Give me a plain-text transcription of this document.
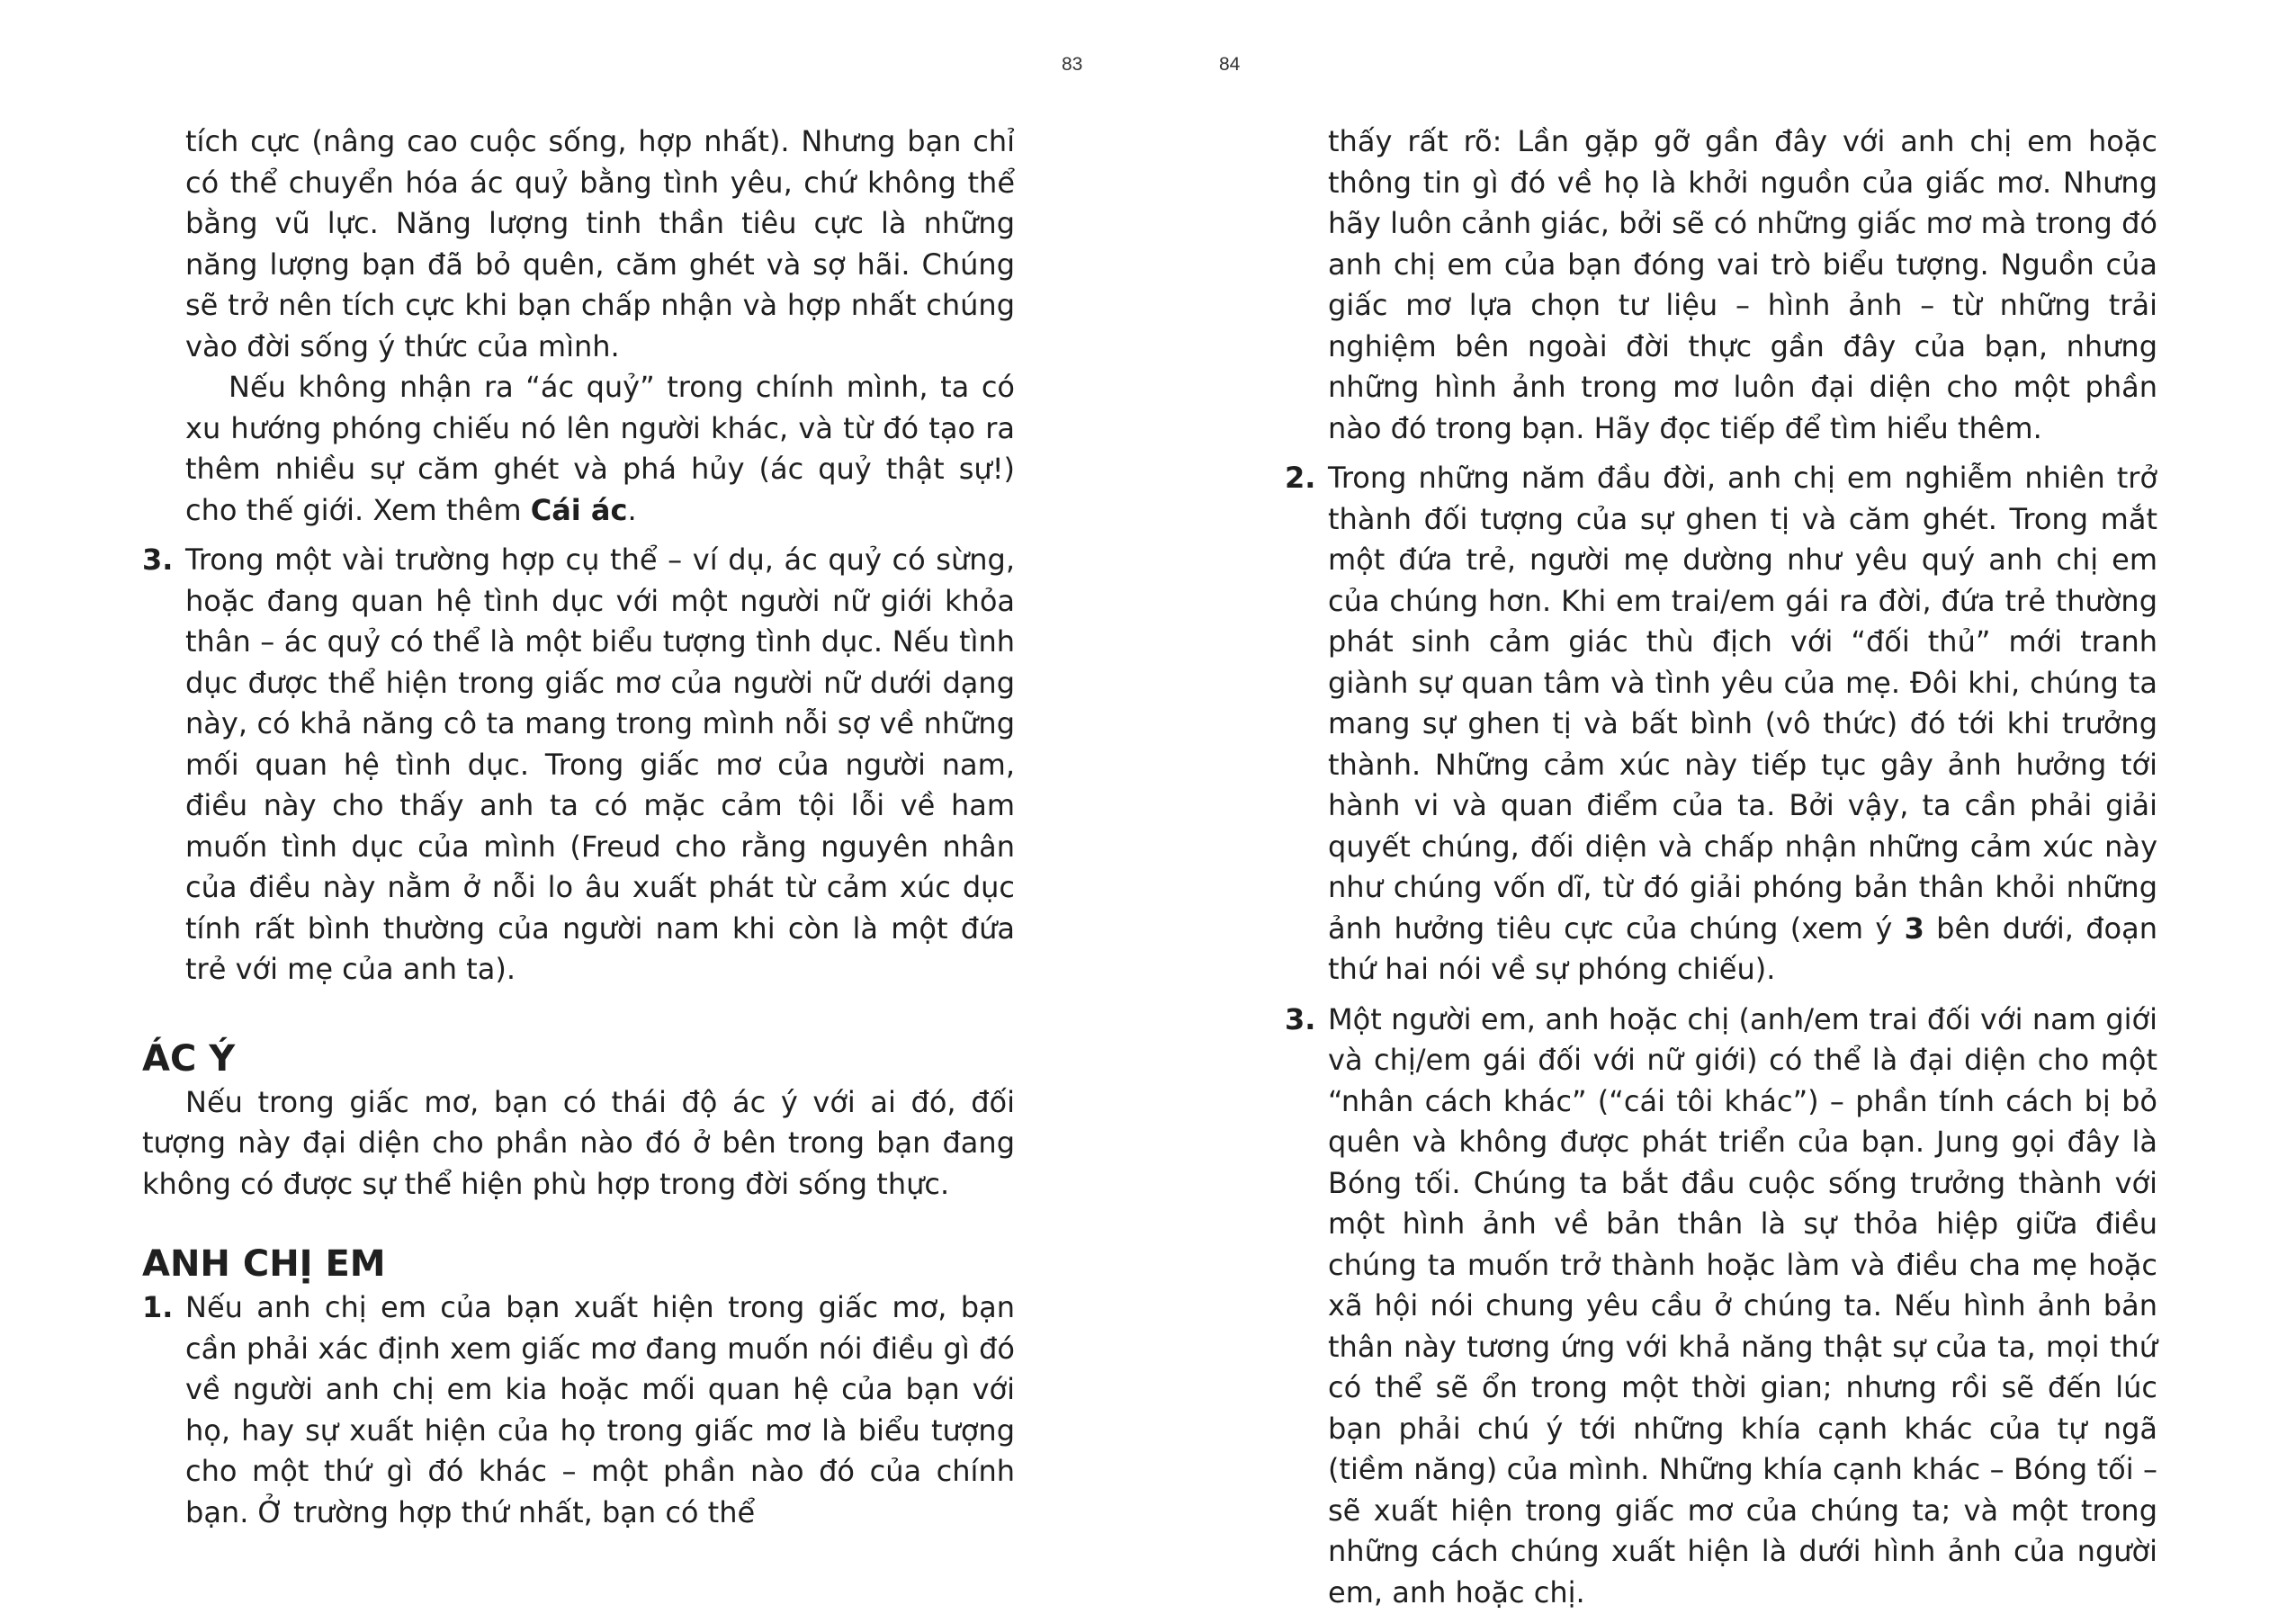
83	84

tích cực (nâng cao cuộc sống, hợp nhất). Nhưng bạn chỉ có thể chuyển hóa ác quỷ bằng tình yêu, chứ không thể bằng vũ lực. Năng lượng tinh thần tiêu cực là những năng lượng bạn đã bỏ quên, căm ghét và sợ hãi. Chúng sẽ trở nên tích cực khi bạn chấp nhận và hợp nhất chúng vào đời sống ý thức của mình.

Nếu không nhận ra “ác quỷ” trong chính mình, ta có xu hướng phóng chiếu nó lên người khác, và từ đó tạo ra thêm nhiều sự căm ghét và phá hủy (ác quỷ thật sự!) cho thế giới. Xem thêm Cái ác.

3. Trong một vài trường hợp cụ thể – ví dụ, ác quỷ có sừng, hoặc đang quan hệ tình dục với một người nữ giới khỏa thân – ác quỷ có thể là một biểu tượng tình dục. Nếu tình dục được thể hiện trong giấc mơ của người nữ dưới dạng này, có khả năng cô ta mang trong mình nỗi sợ về những mối quan hệ tình dục. Trong giấc mơ của người nam, điều này cho thấy anh ta có mặc cảm tội lỗi về ham muốn tình dục của mình (Freud cho rằng nguyên nhân của điều này nằm ở nỗi lo âu xuất phát từ cảm xúc dục tính rất bình thường của người nam khi còn là một đứa trẻ với mẹ của anh ta).

ÁC Ý

Nếu trong giấc mơ, bạn có thái độ ác ý với ai đó, đối tượng này đại diện cho phần nào đó ở bên trong bạn đang không có được sự thể hiện phù hợp trong đời sống thực.

ANH CHỊ EM
1. Nếu anh chị em của bạn xuất hiện trong giấc mơ, bạn cần phải xác định xem giấc mơ đang muốn nói điều gì đó về người anh chị em kia hoặc mối quan hệ của bạn với họ, hay sự xuất hiện của họ trong giấc mơ là biểu tượng cho một thứ gì đó khác – một phần nào đó của chính bạn. Ở trường hợp thứ nhất, bạn có thể

thấy rất rõ: Lần gặp gỡ gần đây với anh chị em hoặc thông tin gì đó về họ là khởi nguồn của giấc mơ. Nhưng hãy luôn cảnh giác, bởi sẽ có những giấc mơ mà trong đó anh chị em của bạn đóng vai trò biểu tượng. Nguồn của giấc mơ lựa chọn tư liệu – hình ảnh – từ những trải nghiệm bên ngoài đời thực gần đây của bạn, nhưng những hình ảnh trong mơ luôn đại diện cho một phần nào đó trong bạn. Hãy đọc tiếp để tìm hiểu thêm.

2. Trong những năm đầu đời, anh chị em nghiễm nhiên trở thành đối tượng của sự ghen tị và căm ghét. Trong mắt một đứa trẻ, người mẹ dường như yêu quý anh chị em của chúng hơn. Khi em trai/em gái ra đời, đứa trẻ thường phát sinh cảm giác thù địch với “đối thủ” mới tranh giành sự quan tâm và tình yêu của mẹ. Đôi khi, chúng ta mang sự ghen tị và bất bình (vô thức) đó tới khi trưởng thành. Những cảm xúc này tiếp tục gây ảnh hưởng tới hành vi và quan điểm của ta. Bởi vậy, ta cần phải giải quyết chúng, đối diện và chấp nhận những cảm xúc này như chúng vốn dĩ, từ đó giải phóng bản thân khỏi những ảnh hưởng tiêu cực của chúng (xem ý 3 bên dưới, đoạn thứ hai nói về sự phóng chiếu).

3. Một người em, anh hoặc chị (anh/em trai đối với nam giới và chị/em gái đối với nữ giới) có thể là đại diện cho một “nhân cách khác” (“cái tôi khác”) – phần tính cách bị bỏ quên và không được phát triển của bạn. Jung gọi đây là Bóng tối. Chúng ta bắt đầu cuộc sống trưởng thành với một hình ảnh về bản thân là sự thỏa hiệp giữa điều chúng ta muốn trở thành hoặc làm và điều cha mẹ hoặc xã hội nói chung yêu cầu ở chúng ta. Nếu hình ảnh bản thân này tương ứng với khả năng thật sự của ta, mọi thứ có thể sẽ ổn trong một thời gian; nhưng rồi sẽ đến lúc bạn phải chú ý tới những khía cạnh khác của tự ngã (tiềm năng) của mình. Những khía cạnh khác – Bóng tối – sẽ xuất hiện trong giấc mơ của chúng ta; và một trong những cách chúng xuất hiện là dưới hình ảnh của người em, anh hoặc chị.
